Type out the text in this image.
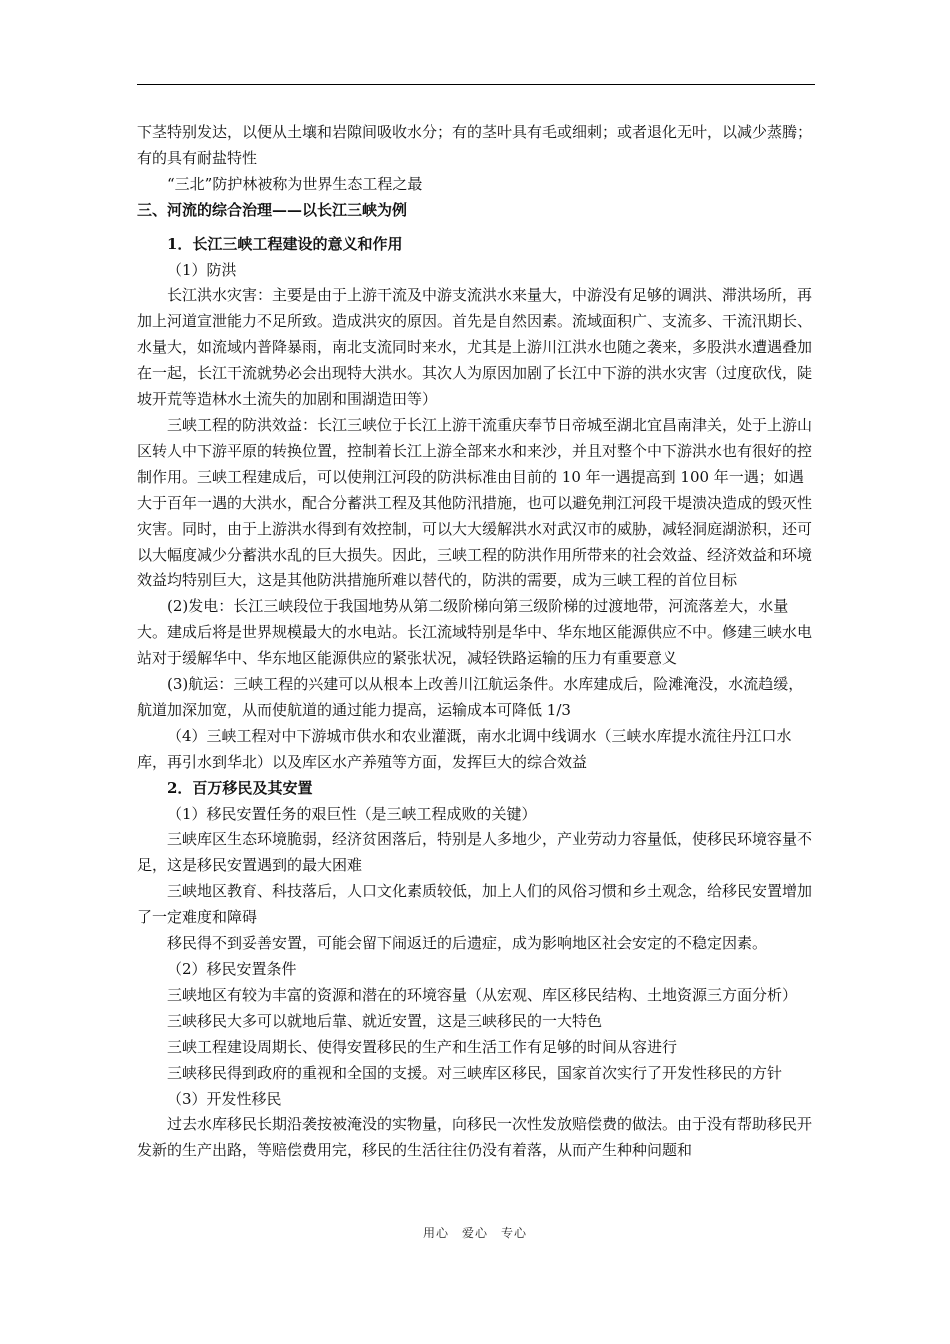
下茎特别发达，以便从土壤和岩隙间吸收水分；有的茎叶具有毛或细刺；或者退化无叶，以减少蒸腾；有的具有耐盐特性

“三北”防护林被称为世界生态工程之最

三、河流的综合治理——以长江三峡为例

1．长江三峡工程建设的意义和作用

（1）防洪

长江洪水灾害：主要是由于上游干流及中游支流洪水来量大，中游没有足够的调洪、滞洪场所，再加上河道宣泄能力不足所致。造成洪灾的原因。首先是自然因素。流域面积广、支流多、干流汛期长、水量大，如流域内普降暴雨，南北支流同时来水，尤其是上游川江洪水也随之袭来，多股洪水遭遇叠加在一起，长江干流就势必会出现特大洪水。其次人为原因加剧了长江中下游的洪水灾害（过度砍伐，陡坡开荒等造林水土流失的加剧和围湖造田等）

三峡工程的防洪效益：长江三峡位于长江上游干流重庆奉节日帝城至湖北宜昌南津关，处于上游山区转人中下游平原的转换位置，控制着长江上游全部来水和来沙，并且对整个中下游洪水也有很好的控制作用。三峡工程建成后，可以使荆江河段的防洪标准由目前的 10 年一遇提高到 100 年一遇；如遇大于百年一遇的大洪水，配合分蓄洪工程及其他防汛措施，也可以避免荆江河段干堤溃决造成的毁灭性灾害。同时，由于上游洪水得到有效控制，可以大大缓解洪水对武汉市的威胁，减轻洞庭湖淤积，还可以大幅度减少分蓄洪水乱的巨大损失。因此，三峡工程的防洪作用所带来的社会效益、经济效益和环境效益均特别巨大，这是其他防洪措施所难以替代的，防洪的需要，成为三峡工程的首位目标

(2)发电：长江三峡段位于我国地势从第二级阶梯向第三级阶梯的过渡地带，河流落差大，水量大。建成后将是世界规模最大的水电站。长江流域特别是华中、华东地区能源供应不中。修建三峡水电站对于缓解华中、华东地区能源供应的紧张状况，减轻铁路运输的压力有重要意义

(3)航运：三峡工程的兴建可以从根本上改善川江航运条件。水库建成后，险滩淹没，水流趋缓，航道加深加宽，从而使航道的通过能力提高，运输成本可降低 1/3

（4）三峡工程对中下游城市供水和农业灌溉，南水北调中线调水（三峡水库提水流往丹江口水库，再引水到华北）以及库区水产养殖等方面，发挥巨大的综合效益

2．百万移民及其安置

（1）移民安置任务的艰巨性（是三峡工程成败的关键）

三峡库区生态环境脆弱，经济贫困落后，特别是人多地少，产业劳动力容量低，使移民环境容量不足，这是移民安置遇到的最大困难

三峡地区教育、科技落后，人口文化素质较低，加上人们的风俗习惯和乡土观念，给移民安置增加了一定难度和障碍

移民得不到妥善安置，可能会留下闹返迁的后遗症，成为影响地区社会安定的不稳定因素。

（2）移民安置条件

三峡地区有较为丰富的资源和潜在的环境容量（从宏观、库区移民结构、土地资源三方面分析）

三峡移民大多可以就地后靠、就近安置，这是三峡移民的一大特色

三峡工程建设周期长、使得安置移民的生产和生活工作有足够的时间从容进行

三峡移民得到政府的重视和全国的支援。对三峡库区移民，国家首次实行了开发性移民的方针

（3）开发性移民

过去水库移民长期沿袭按被淹没的实物量，向移民一次性发放赔偿费的做法。由于没有帮助移民开发新的生产出路，等赔偿费用完，移民的生活往往仍没有着落，从而产生种种问题和

用心　爱心　专心
